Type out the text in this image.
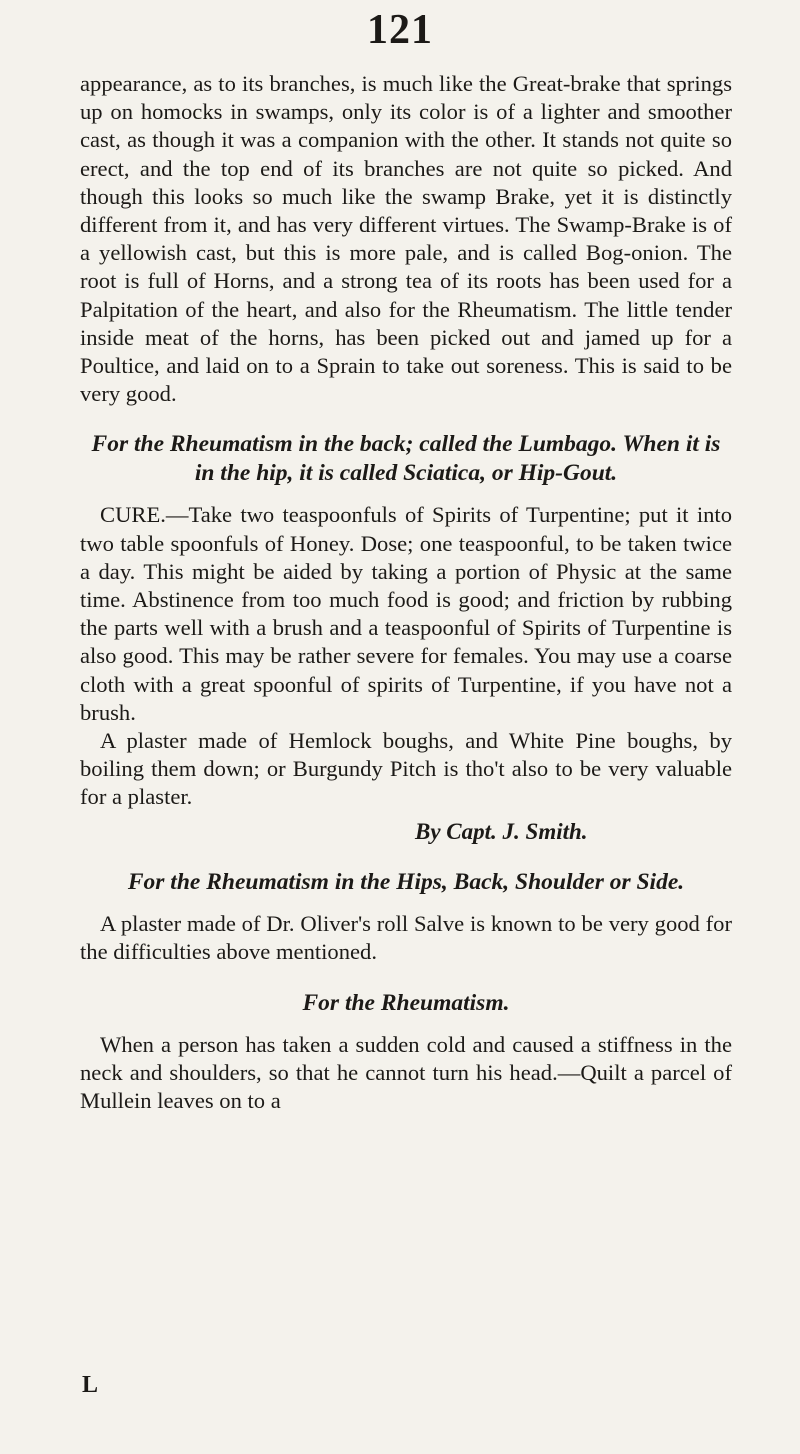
121

appearance, as to its branches, is much like the Great-brake that springs up on homocks in swamps, only its color is of a lighter and smoother cast, as though it was a companion with the other. It stands not quite so erect, and the top end of its branches are not quite so picked. And though this looks so much like the swamp Brake, yet it is distinctly different from it, and has very different virtues. The Swamp-Brake is of a yellowish cast, but this is more pale, and is called Bog-onion. The root is full of Horns, and a strong tea of its roots has been used for a Palpitation of the heart, and also for the Rheumatism. The little tender inside meat of the horns, has been picked out and jamed up for a Poultice, and laid on to a Sprain to take out soreness. This is said to be very good.

For the Rheumatism in the back; called the Lumbago. When it is in the hip, it is called Sciatica, or Hip-Gout.

CURE.—Take two teaspoonfuls of Spirits of Turpentine; put it into two table spoonfuls of Honey. Dose; one teaspoonful, to be taken twice a day. This might be aided by taking a portion of Physic at the same time. Abstinence from too much food is good; and friction by rubbing the parts well with a brush and a teaspoonful of Spirits of Turpentine is also good. This may be rather severe for females. You may use a coarse cloth with a great spoonful of spirits of Turpentine, if you have not a brush.

A plaster made of Hemlock boughs, and White Pine boughs, by boiling them down; or Burgundy Pitch is tho't also to be very valuable for a plaster.

By Capt. J. Smith.
For the Rheumatism in the Hips, Back, Shoulder or Side.

A plaster made of Dr. Oliver's roll Salve is known to be very good for the difficulties above mentioned.

For the Rheumatism.

When a person has taken a sudden cold and caused a stiffness in the neck and shoulders, so that he cannot turn his head.—Quilt a parcel of Mullein leaves on to a

L
